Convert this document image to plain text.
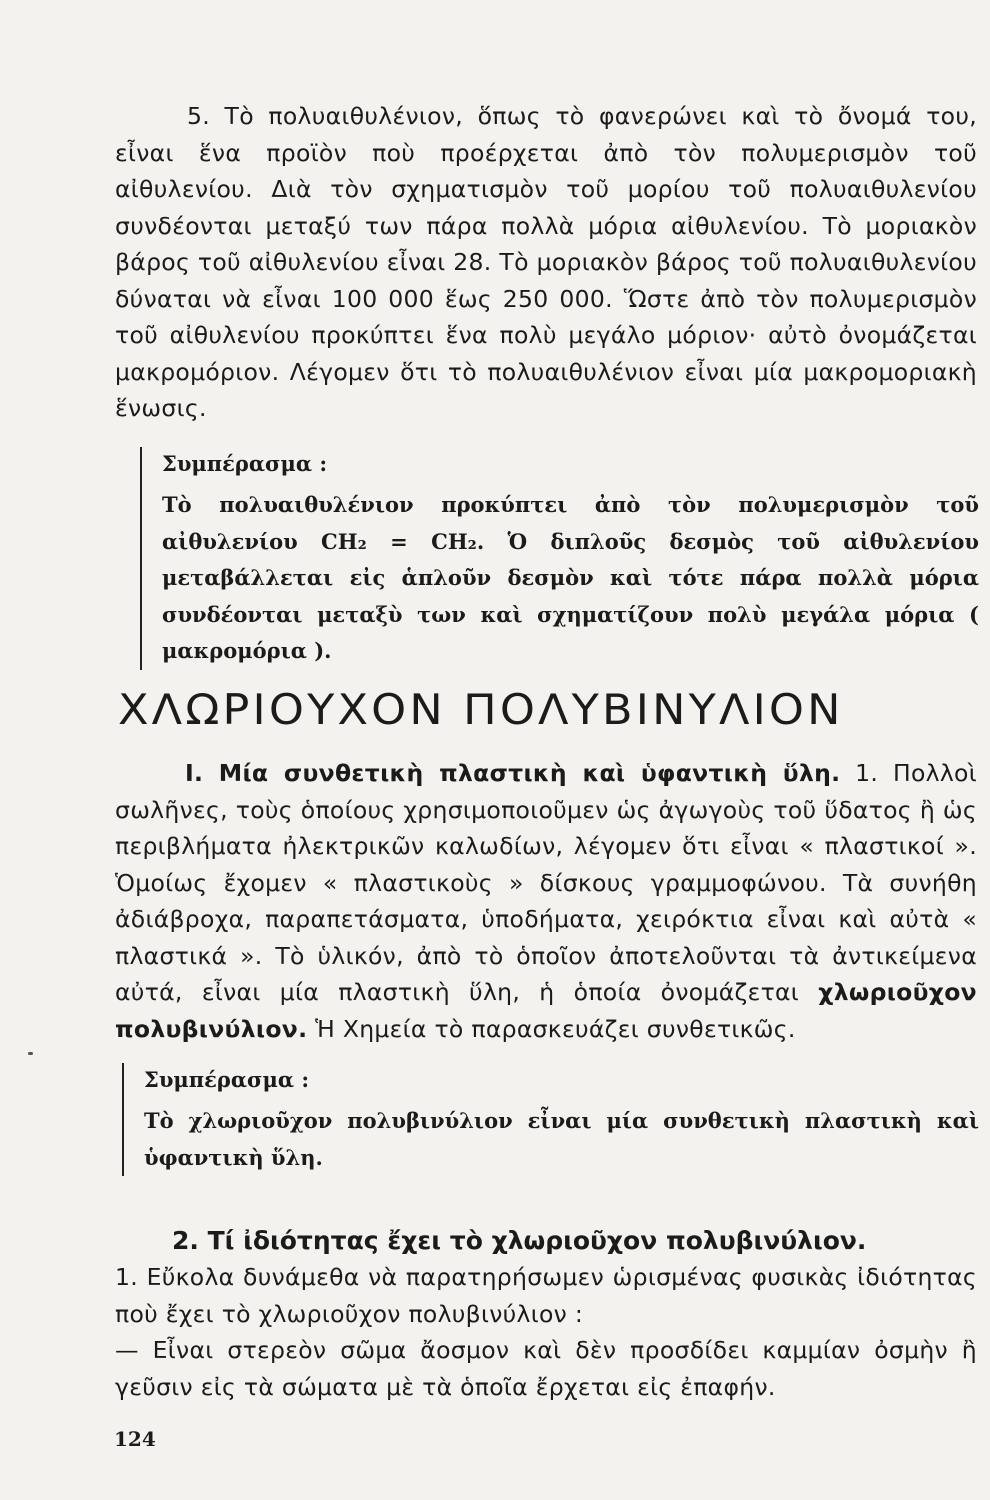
5. Τὸ πολυαιθυλένιον, ὅπως τὸ φανερώνει καὶ τὸ ὄνομά του, εἶναι ἕνα προϊὸν ποὺ προέρχεται ἀπὸ τὸν πολυμερισμὸν τοῦ αἰθυλενίου. Διὰ τὸν σχηματισμὸν τοῦ μορίου τοῦ πολυαιθυλενίου συνδέονται μεταξύ των πάρα πολλὰ μόρια αἰθυλενίου. Τὸ μοριακὸν βάρος τοῦ αἰθυλενίου εἶναι 28. Τὸ μοριακὸν βάρος τοῦ πολυαιθυλενίου δύναται νὰ εἶναι 100 000 ἕως 250 000. Ὥστε ἀπὸ τὸν πολυμερισμὸν τοῦ αἰθυλενίου προκύπτει ἕνα πολὺ μεγάλο μόριον· αὐτὸ ὀνομάζεται μακρομόριον. Λέγομεν ὅτι τὸ πολυαιθυλένιον εἶναι μία μακρομοριακὴ ἕνωσις.
Συμπέρασμα :
Τὸ πολυαιθυλένιον προκύπτει ἀπὸ τὸν πολυμερισμὸν τοῦ αἰθυλενίου CH₂ = CH₂. Ὁ διπλοῦς δεσμὸς τοῦ αἰθυλενίου μεταβάλλεται εἰς ἁπλοῦν δεσμὸν καὶ τότε πάρα πολλὰ μόρια συνδέονται μεταξὺ των καὶ σχηματίζουν πολὺ μεγάλα μόρια ( μακρομόρια ).
ΧΛΩΡΙΟΥΧΟΝ ΠΟΛΥΒΙΝΥΛΙΟΝ
Ι. Μία συνθετικὴ πλαστικὴ καὶ ὑφαντικὴ ὕλη. 1. Πολλοὶ σωλῆνες, τοὺς ὁποίους χρησιμοποιοῦμεν ὡς ἀγωγοὺς τοῦ ὕδατος ἢ ὡς περιβλήματα ἠλεκτρικῶν καλωδίων, λέγομεν ὅτι εἶναι « πλαστικοί ». Ὁμοίως ἔχομεν « πλαστικοὺς » δίσκους γραμμοφώνου. Τὰ συνήθη ἀδιάβροχα, παραπετάσματα, ὑποδήματα, χειρόκτια εἶναι καὶ αὐτὰ « πλαστικά ». Τὸ ὑλικόν, ἀπὸ τὸ ὁποῖον ἀποτελοῦνται τὰ ἀντικείμενα αὐτά, εἶναι μία πλαστικὴ ὕλη, ἡ ὁποία ὀνομάζεται χλωριοῦχον πολυβινύλιον. Ἡ Χημεία τὸ παρασκευάζει συνθετικῶς.
Συμπέρασμα :
Τὸ χλωριοῦχον πολυβινύλιον εἶναι μία συνθετικὴ πλαστικὴ καὶ ὑφαντικὴ ὕλη.
2. Τί ἰδιότητας ἔχει τὸ χλωριοῦχον πολυβινύλιον.
1. Εὔκολα δυνάμεθα νὰ παρατηρήσωμεν ὡρισμένας φυσικὰς ἰδιότητας ποὺ ἔχει τὸ χλωριοῦχον πολυβινύλιον :
— Εἶναι στερεὸν σῶμα ἄοσμον καὶ δὲν προσδίδει καμμίαν ὀσμὴν ἢ γεῦσιν εἰς τὰ σώματα μὲ τὰ ὁποῖα ἔρχεται εἰς ἐπαφήν.
124
